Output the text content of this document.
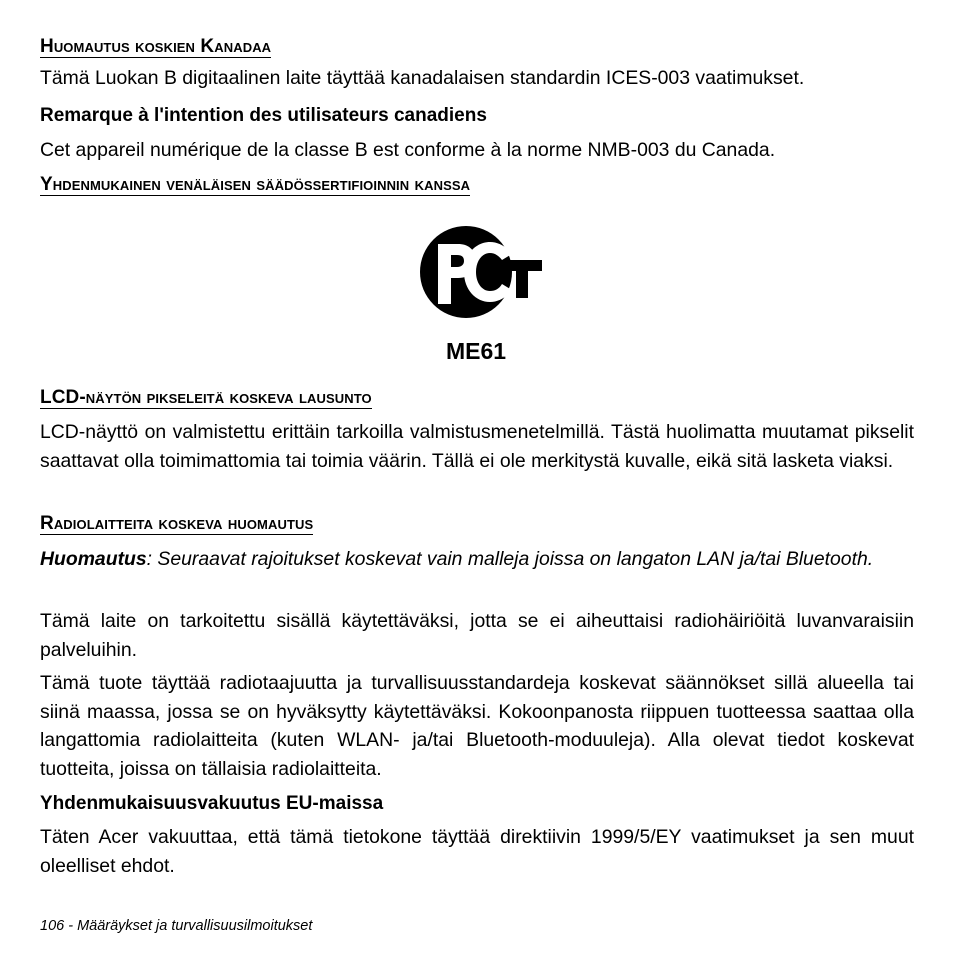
Huomautus koskien Kanadaa

Tämä Luokan B digitaalinen laite täyttää kanadalaisen standardin ICES-003 vaatimukset.

Remarque à l'intention des utilisateurs canadiens

Cet appareil numérique de la classe B est conforme à la norme NMB-003 du Canada.

Yhdenmukainen venäläisen säädössertifioinnin kanssa
ME61
LCD-näytön pikseleitä koskeva lausunto

LCD-näyttö on valmistettu erittäin tarkoilla valmistusmenetelmillä. Tästä huolimatta muutamat pikselit saattavat olla toimimattomia tai toimia väärin. Tällä ei ole merkitystä kuvalle, eikä sitä lasketa viaksi.

Radiolaitteita koskeva huomautus

Huomautus: Seuraavat rajoitukset koskevat vain malleja joissa on langaton LAN ja/tai Bluetooth.

Tämä laite on tarkoitettu sisällä käytettäväksi, jotta se ei aiheuttaisi radiohäiriöitä luvanvaraisiin palveluihin.

Tämä tuote täyttää radiotaajuutta ja turvallisuusstandardeja koskevat säännökset sillä alueella tai siinä maassa, jossa se on hyväksytty käytettäväksi. Kokoonpanosta riippuen tuotteessa saattaa olla langattomia radiolaitteita (kuten WLAN- ja/tai Bluetooth-moduuleja). Alla olevat tiedot koskevat tuotteita, joissa on tällaisia radiolaitteita.

Yhdenmukaisuusvakuutus EU-maissa

Täten Acer vakuuttaa, että tämä tietokone täyttää direktiivin 1999/5/EY vaatimukset ja sen muut oleelliset ehdot.

106 - Määräykset ja turvallisuusilmoitukset
